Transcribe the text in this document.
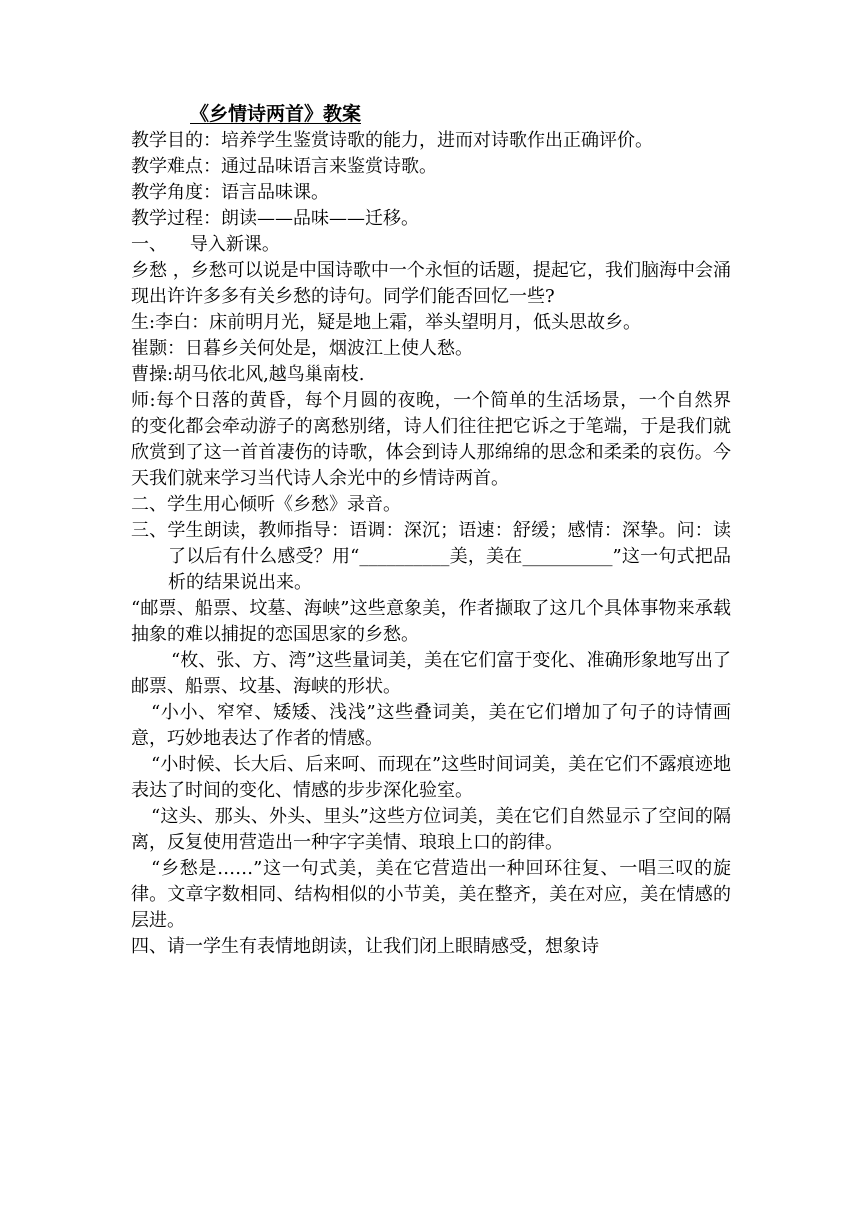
《乡情诗两首》教案

教学目的：培养学生鉴赏诗歌的能力，进而对诗歌作出正确评价。

教学难点：通过品味语言来鉴赏诗歌。

教学角度：语言品味课。

教学过程：朗读——品味——迁移。

一、    导入新课。

乡愁 ，乡愁可以说是中国诗歌中一个永恒的话题，提起它，我们脑海中会涌现出许许多多有关乡愁的诗句。同学们能否回忆一些?

生:李白：床前明月光，疑是地上霜，举头望明月，低头思故乡。

崔颢：日暮乡关何处是，烟波江上使人愁。

曹操:胡马依北风,越鸟巢南枝.

师:每个日落的黄昏，每个月圆的夜晚，一个简单的生活场景，一个自然界的变化都会牵动游子的离愁别绪，诗人们往往把它诉之于笔端，于是我们就欣赏到了这一首首凄伤的诗歌，体会到诗人那绵绵的思念和柔柔的哀伤。今天我们就来学习当代诗人余光中的乡情诗两首。

二、学生用心倾听《乡愁》录音。

三、学生朗读，教师指导：语调：深沉；语速：舒缓；感情：深挚。问：读了以后有什么感受？用“__________美，美在__________”这一句式把品析的结果说出来。

“邮票、船票、坟墓、海峡”这些意象美，作者撷取了这几个具体事物来承载抽象的难以捕捉的恋国思家的乡愁。

“枚、张、方、湾”这些量词美，美在它们富于变化、准确形象地写出了邮票、船票、坟基、海峡的形状。

“小小、窄窄、矮矮、浅浅”这些叠词美，美在它们增加了句子的诗情画意，巧妙地表达了作者的情感。

“小时候、长大后、后来呵、而现在”这些时间词美，美在它们不露痕迹地表达了时间的变化、情感的步步深化验室。

“这头、那头、外头、里头”这些方位词美，美在它们自然显示了空间的隔离，反复使用营造出一种字字美情、琅琅上口的韵律。

“乡愁是……”这一句式美，美在它营造出一种回环往复、一唱三叹的旋律。文章字数相同、结构相似的小节美，美在整齐，美在对应，美在情感的层进。

四、请一学生有表情地朗读，让我们闭上眼睛感受，想象诗
